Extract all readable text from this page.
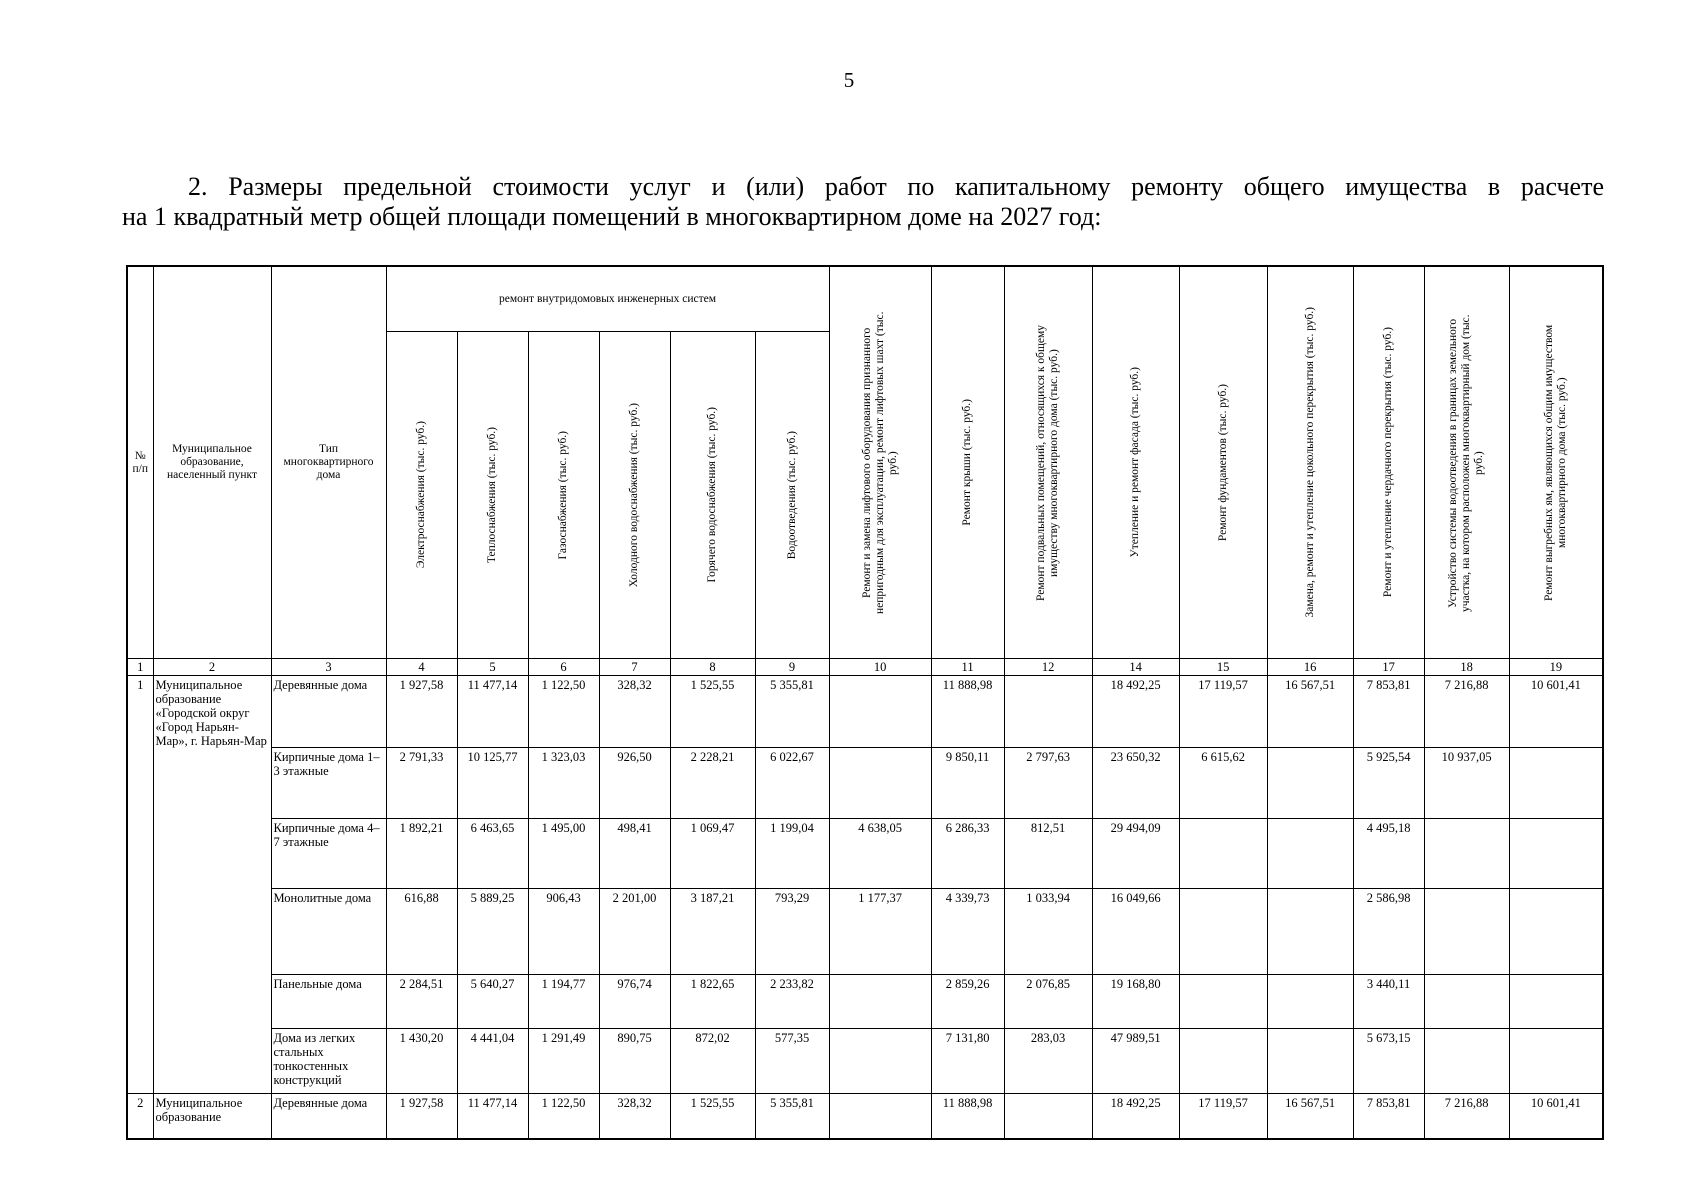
5
2. Размеры предельной стоимости услуг и (или) работ по капитальному ремонту общего имущества в расчете
на 1 квадратный метр общей площади помещений в многоквартирном доме на 2027 год:
№ п/п	Муниципальное образование, населенный пункт	Тип многоквартирного дома	ремонт внутридомовых инженерных систем						Ремонт и замена лифтового оборудования признанного непригодным для эксплуатации, ремонт лифтовых шахт (тыс. руб.)	Ремонт крыши (тыс. руб.)	Ремонт подвальных помещений, относящихся к общему имуществу многоквартирного дома (тыс. руб.)	Утепление и ремонт фасада (тыс. руб.)	Ремонт фундаментов (тыс. руб.)	Замена, ремонт и утепление цокольного перекрытия (тыс. руб.)	Ремонт и утепление чердачного перекрытия (тыс. руб.)	Устройство системы водоотведения в границах земельного участка, на котором расположен многоквартирный дом (тыс. руб.)	Ремонт выгребных ям, являющихся общим имуществом многоквартирного дома (тыс. руб.)

			Электроснабжения (тыс. руб.)	Теплоснабжения (тыс. руб.)	Газоснабжения (тыс. руб.)	Холодного водоснабжения (тыс. руб.)	Горячего водоснабжения (тыс. руб.)	Водоотведения (тыс. руб.)									

1	2	3	4	5	6	7	8	9	10	11	12	14	15	16	17	18	19
1	Муниципальное образование «Городской округ «Город Нарьян-Мар», г. Нарьян-Мар	Деревянные дома	1 927,58	11 477,14	1 122,50	328,32	1 525,55	5 355,81		11 888,98		18 492,25	17 119,57	16 567,51	7 853,81	7 216,88	10 601,41
		Кирпичные дома 1–3 этажные	2 791,33	10 125,77	1 323,03	926,50	2 228,21	6 022,67		9 850,11	2 797,63	23 650,32	6 615,62		5 925,54	10 937,05	
		Кирпичные дома 4–7 этажные	1 892,21	6 463,65	1 495,00	498,41	1 069,47	1 199,04	4 638,05	6 286,33	812,51	29 494,09			4 495,18		
		Монолитные дома	616,88	5 889,25	906,43	2 201,00	3 187,21	793,29	1 177,37	4 339,73	1 033,94	16 049,66			2 586,98		
		Панельные дома	2 284,51	5 640,27	1 194,77	976,74	1 822,65	2 233,82		2 859,26	2 076,85	19 168,80			3 440,11		
		Дома из легких стальных тонкостенных конструкций	1 430,20	4 441,04	1 291,49	890,75	872,02	577,35		7 131,80	283,03	47 989,51			5 673,15		
2	Муниципальное образование	Деревянные дома	1 927,58	11 477,14	1 122,50	328,32	1 525,55	5 355,81		11 888,98		18 492,25	17 119,57	16 567,51	7 853,81	7 216,88	10 601,41
